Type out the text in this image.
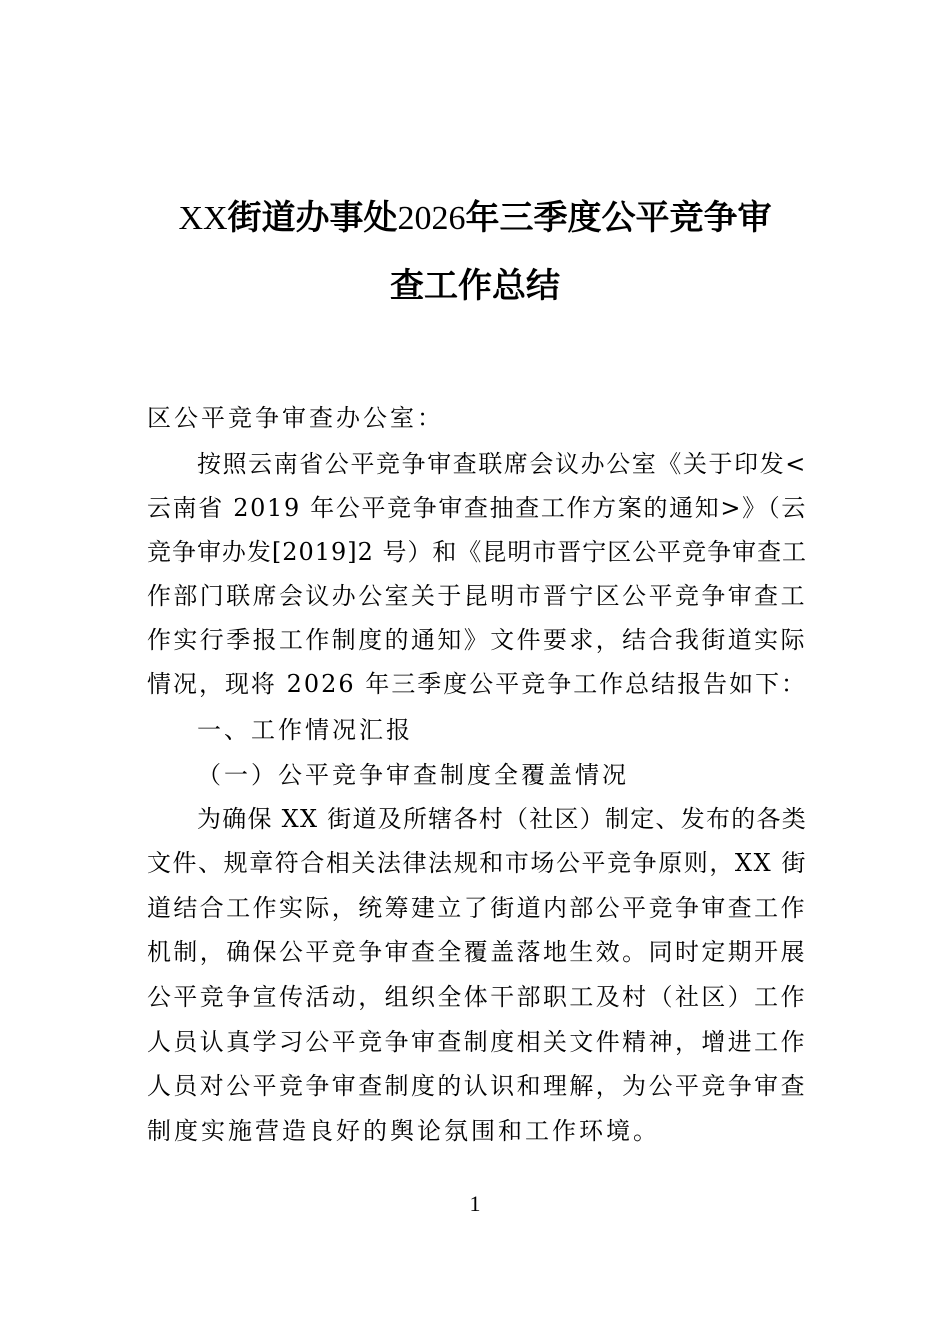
XX街道办事处2026年三季度公平竞争审
查工作总结
区公平竞争审查办公室：
按照云南省公平竞争审查联席会议办公室《关于印发<
云南省 2019 年公平竞争审查抽查工作方案的通知>》（云
竞争审办发[2019]2 号）和《昆明市晋宁区公平竞争审查工
作部门联席会议办公室关于昆明市晋宁区公平竞争审查工
作实行季报工作制度的通知》文件要求，结合我街道实际
情况，现将 2026 年三季度公平竞争工作总结报告如下：
一、工作情况汇报
（一）公平竞争审查制度全覆盖情况
为确保 XX 街道及所辖各村（社区）制定、发布的各类
文件、规章符合相关法律法规和市场公平竞争原则，XX 街
道结合工作实际，统筹建立了街道内部公平竞争审查工作
机制，确保公平竞争审查全覆盖落地生效。同时定期开展
公平竞争宣传活动，组织全体干部职工及村（社区）工作
人员认真学习公平竞争审查制度相关文件精神，增进工作
人员对公平竞争审查制度的认识和理解，为公平竞争审查
制度实施营造良好的舆论氛围和工作环境。
1
